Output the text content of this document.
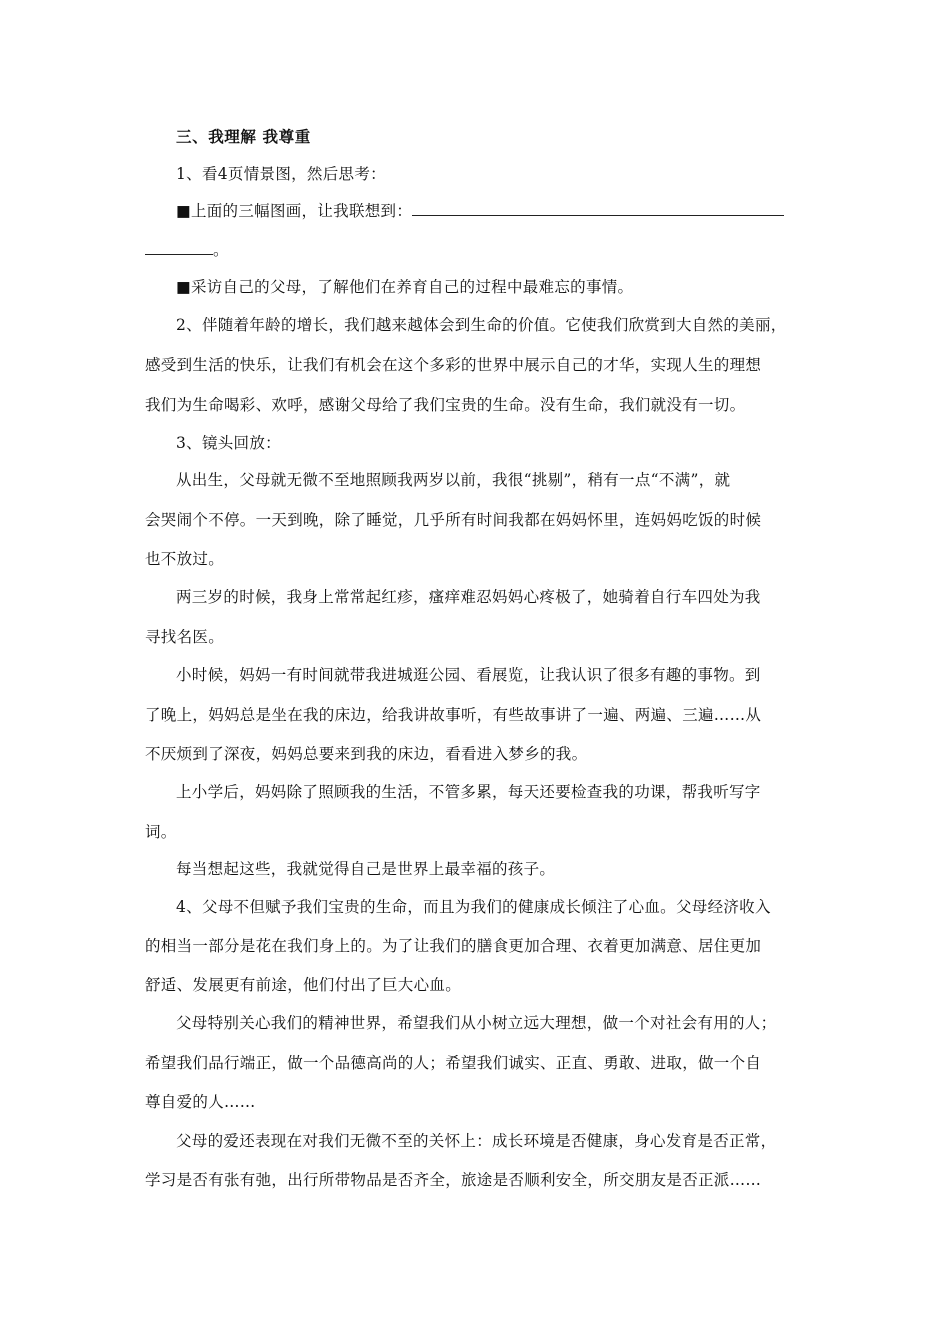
三、我理解 我尊重
1、看4页情景图，然后思考：
■上面的三幅图画，让我联想到：
。
■采访自己的父母，了解他们在养育自己的过程中最难忘的事情。
2、伴随着年龄的增长，我们越来越体会到生命的价值。它使我们欣赏到大自然的美丽，
感受到生活的快乐，让我们有机会在这个多彩的世界中展示自己的才华，实现人生的理想
我们为生命喝彩、欢呼，感谢父母给了我们宝贵的生命。没有生命，我们就没有一切。
3、镜头回放：
从出生，父母就无微不至地照顾我两岁以前，我很“挑剔”，稍有一点“不满”，就
会哭闹个不停。一天到晚，除了睡觉，几乎所有时间我都在妈妈怀里，连妈妈吃饭的时候
也不放过。
两三岁的时候，我身上常常起红疹，瘙痒难忍妈妈心疼极了，她骑着自行车四处为我
寻找名医。
小时候，妈妈一有时间就带我进城逛公园、看展览，让我认识了很多有趣的事物。到
了晚上，妈妈总是坐在我的床边，给我讲故事听，有些故事讲了一遍、两遍、三遍……从
不厌烦到了深夜，妈妈总要来到我的床边，看看进入梦乡的我。
上小学后，妈妈除了照顾我的生活，不管多累，每天还要检查我的功课，帮我听写字
词。
每当想起这些，我就觉得自己是世界上最幸福的孩子。
4、父母不但赋予我们宝贵的生命，而且为我们的健康成长倾注了心血。父母经济收入
的相当一部分是花在我们身上的。为了让我们的膳食更加合理、衣着更加满意、居住更加
舒适、发展更有前途，他们付出了巨大心血。
父母特别关心我们的精神世界，希望我们从小树立远大理想，做一个对社会有用的人；
希望我们品行端正，做一个品德高尚的人；希望我们诚实、正直、勇敢、进取，做一个自
尊自爱的人……
父母的爱还表现在对我们无微不至的关怀上：成长环境是否健康，身心发育是否正常，
学习是否有张有弛，出行所带物品是否齐全，旅途是否顺利安全，所交朋友是否正派……
